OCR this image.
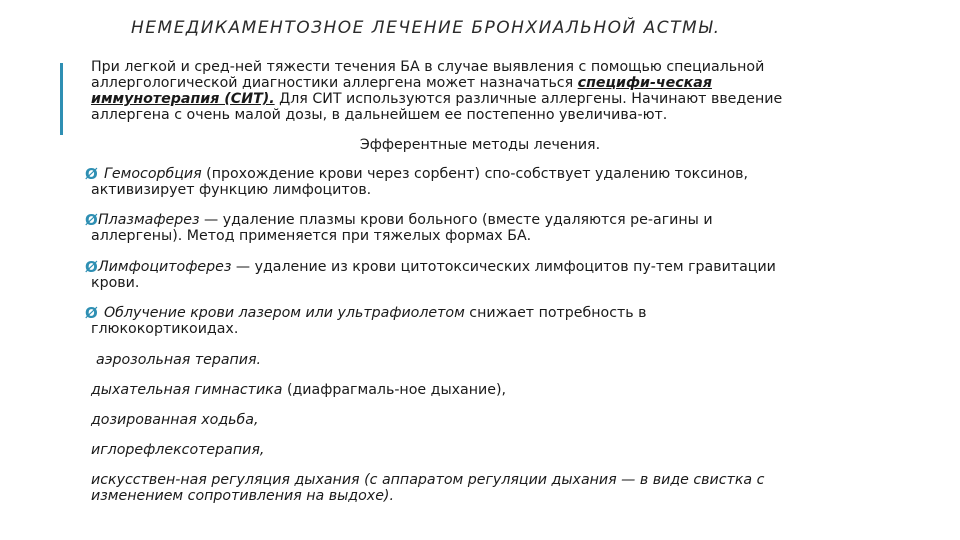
НЕМЕДИКАМЕНТОЗНОЕ ЛЕЧЕНИЕ БРОНХИАЛЬНОЙ АСТМЫ.
При легкой и сред-ней тяжести течения БА в случае выявления с помощью специальной
аллергологической диагностики аллергена может назначаться специфи-ческая
иммунотерапия (СИТ). Для СИТ используются различные аллергены. Начинают введение
аллергена с очень малой дозы, в дальнейшем ее постепенно увеличива-ют.
Эфферентные методы лечения.
Ø Гемосорбция (прохождение крови через сорбент) спо-собствует удалению токсинов,
активизирует функцию лимфоцитов.
Ø Плазмаферез — удаление плазмы крови больного (вместе удаляются ре-агины и
аллергены). Метод применяется при тяжелых формах БА.
Ø Лимфоцитоферез — удаление из крови цитотоксических лимфоцитов пу-тем гравитации
крови.
Ø Облучение крови лазером или ультрафиолетом снижает потребность в
глюкокортикоидах.
аэрозольная терапия.
дыхательная гимнастика (диафрагмаль-ное дыхание),
дозированная ходьба,
иглорефлексотерапия,
искусствен-ная регуляция дыхания (с аппаратом регуляции дыхания — в виде свистка с
изменением сопротивления на выдохе).
